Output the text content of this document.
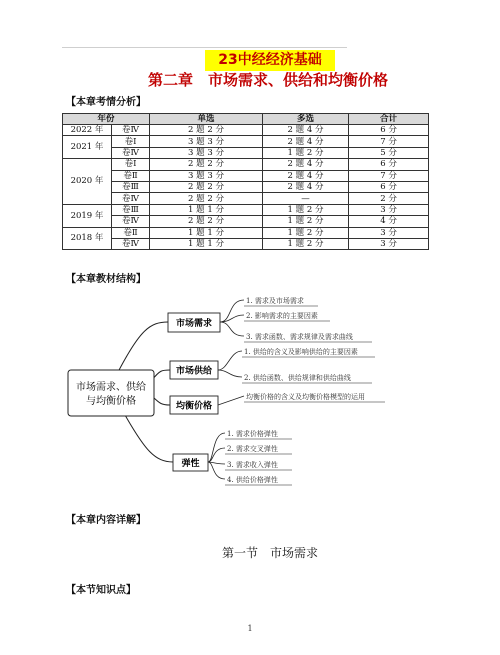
23中经经济基础
第二章　市场需求、供给和均衡价格
【本章考情分析】
年份		单选	多选	合计
2022 年	卷Ⅳ	2 题 2 分	2 题 4 分	6 分
2021 年	卷Ⅰ	3 题 3 分	2 题 4 分	7 分
	卷Ⅳ	3 题 3 分	1 题 2 分	5 分
2020 年	卷Ⅰ	2 题 2 分	2 题 4 分	6 分
	卷Ⅱ	3 题 3 分	2 题 4 分	7 分
	卷Ⅲ	2 题 2 分	2 题 4 分	6 分
	卷Ⅳ	2 题 2 分	—	2 分
2019 年	卷Ⅲ	1 题 1 分	1 题 2 分	3 分
	卷Ⅳ	2 题 2 分	1 题 2 分	4 分
2018 年	卷Ⅱ	1 题 1 分	1 题 2 分	3 分
	卷Ⅳ	1 题 1 分	1 题 2 分	3 分
【本章教材结构】
市场需求、供给
与均衡价格
市场需求
市场供给
均衡价格
弹性
1. 需求及市场需求
2. 影响需求的主要因素
3. 需求函数、需求规律及需求曲线
1. 供给的含义及影响供给的主要因素
2. 供给函数、供给规律和供给曲线
均衡价格的含义及均衡价格模型的运用
1. 需求价格弹性
2. 需求交叉弹性
3. 需求收入弹性
4. 供给价格弹性
【本章内容详解】
第一节　市场需求
【本节知识点】
1
